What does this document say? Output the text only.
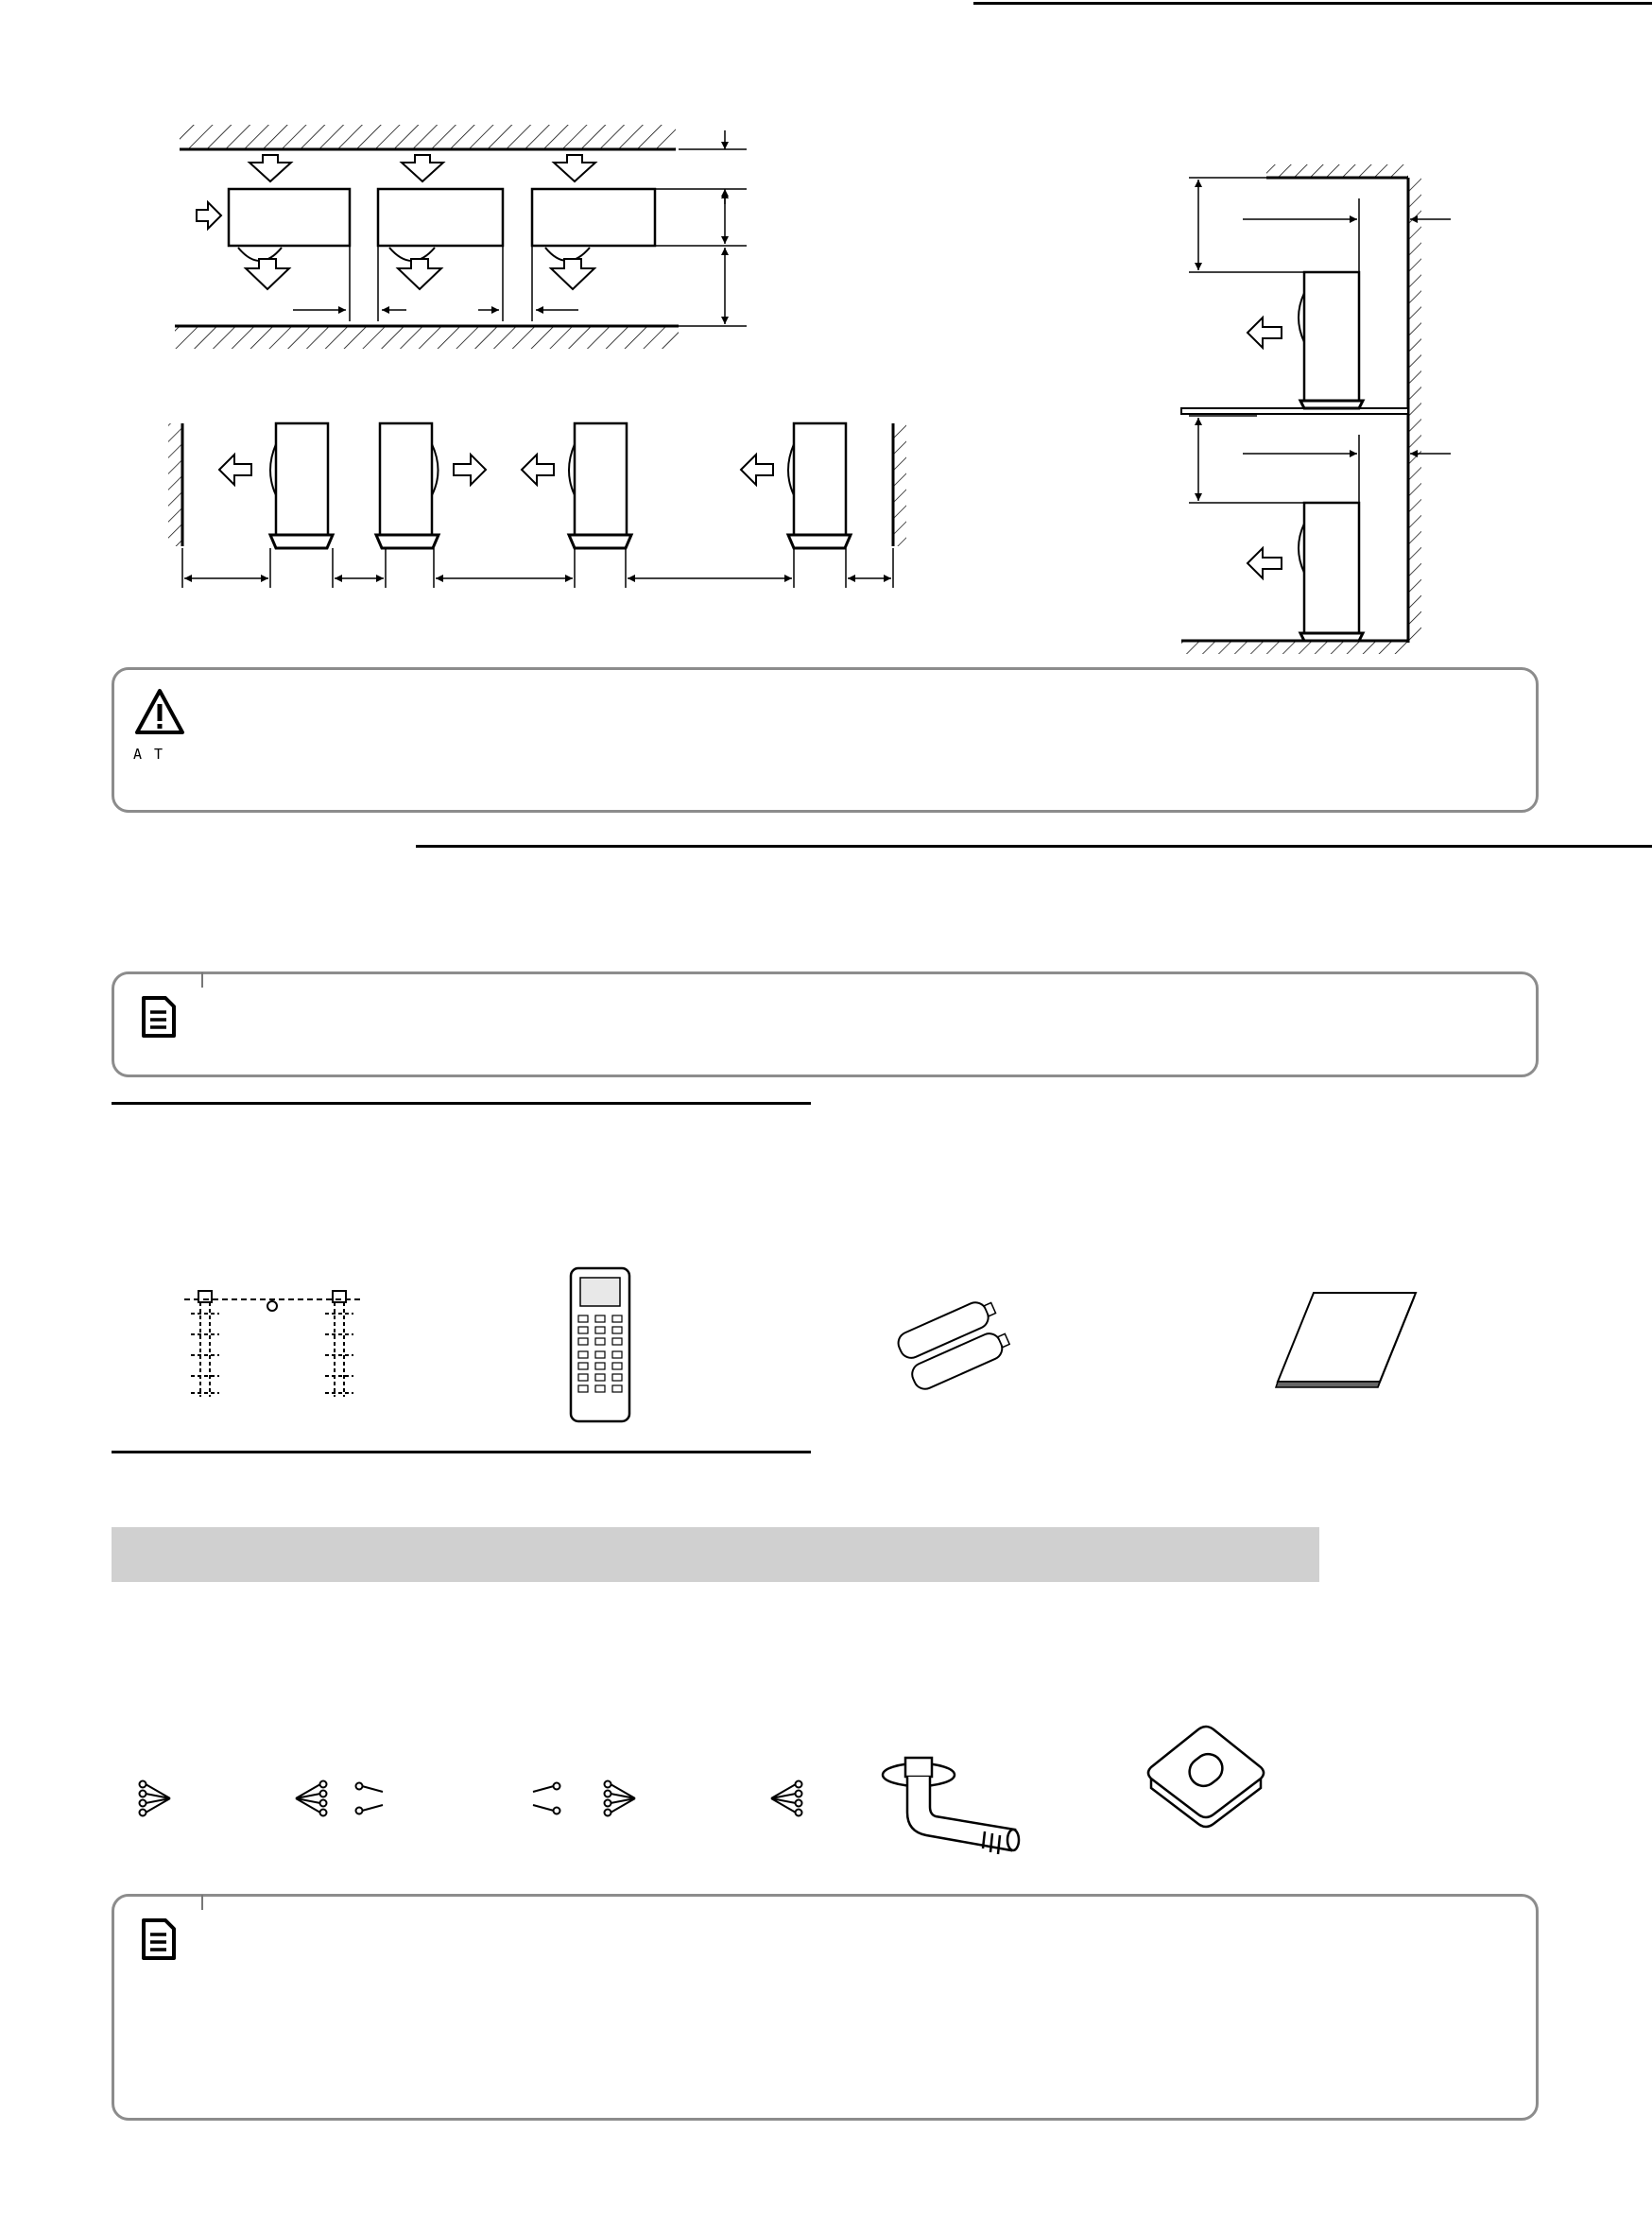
A T
